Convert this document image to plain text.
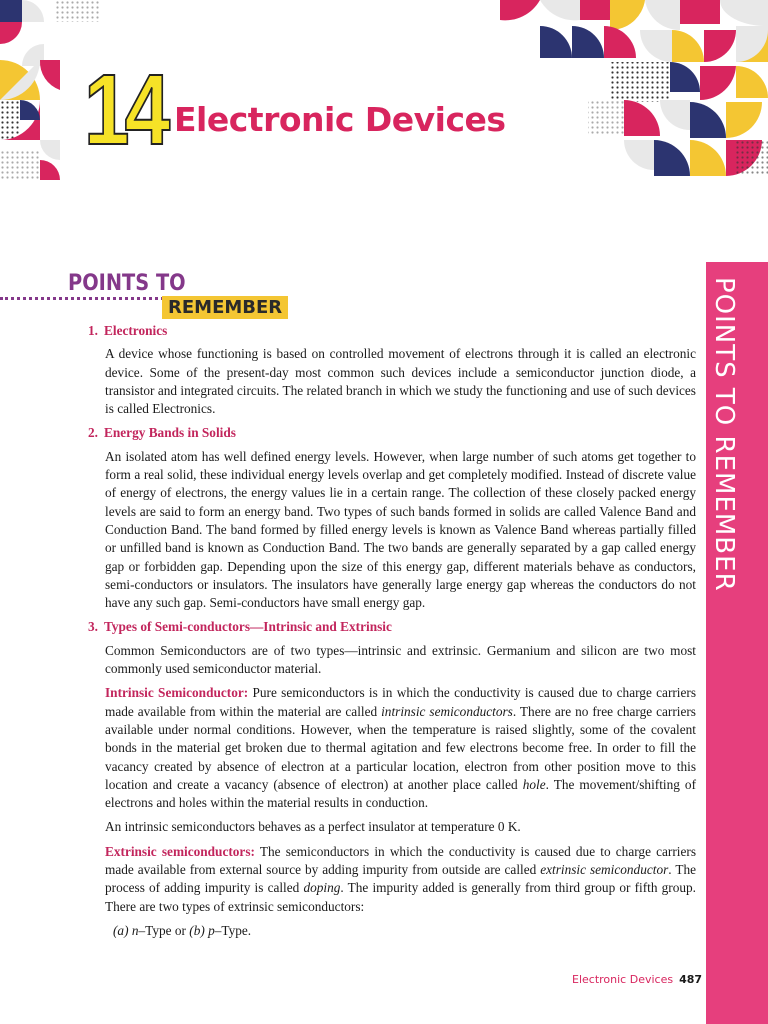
14 Electronic Devices
POINTS TO
REMEMBER	POINTS TO REMEMBER
1. Electronics

A device whose functioning is based on controlled movement of electrons through it is called an electronic device. Some of the present-day most common such devices include a semiconductor junction diode, a transistor and integrated circuits. The related branch in which we study the functioning and use of such devices is called Electronics.

2. Energy Bands in Solids

An isolated atom has well defined energy levels. However, when large number of such atoms get together to form a real solid, these individual energy levels overlap and get completely modified. Instead of discrete value of energy of electrons, the energy values lie in a certain range. The collection of these closely packed energy levels are said to form an energy band. Two types of such bands formed in solids are called Valence Band and Conduction Band. The band formed by filled energy levels is known as Valence Band whereas partially filled or unfilled band is known as Conduction Band. The two bands are generally separated by a gap called energy gap or forbidden gap. Depending upon the size of this energy gap, different materials behave as conductors, semi-conductors or insulators. The insulators have generally large energy gap whereas the conductors do not have any such gap. Semi-conductors have small energy gap.

3. Types of Semi-conductors—Intrinsic and Extrinsic

Common Semiconductors are of two types—intrinsic and extrinsic. Germanium and silicon are two most commonly used semiconductor material.

Intrinsic Semiconductor: Pure semiconductors is in which the conductivity is caused due to charge carriers made available from within the material are called intrinsic semiconductors. There are no free charge carriers available under normal conditions. However, when the temperature is raised slightly, some of the covalent bonds in the material get broken due to thermal agitation and few electrons become free. In order to fill the vacancy created by absence of electron at a particular location, electron from other position move to this location and create a vacancy (absence of electron) at another place called hole. The movement/shifting of electrons and holes within the material results in conduction.

An intrinsic semiconductors behaves as a perfect insulator at temperature 0 K.

Extrinsic semiconductors: The semiconductors in which the conductivity is caused due to charge carriers made available from external source by adding impurity from outside are called extrinsic semiconductor. The process of adding impurity is called doping. The impurity added is generally from third group or fifth group. There are two types of extrinsic semiconductors:

(a) n–Type or (b) p–Type.

Electronic Devices 487
